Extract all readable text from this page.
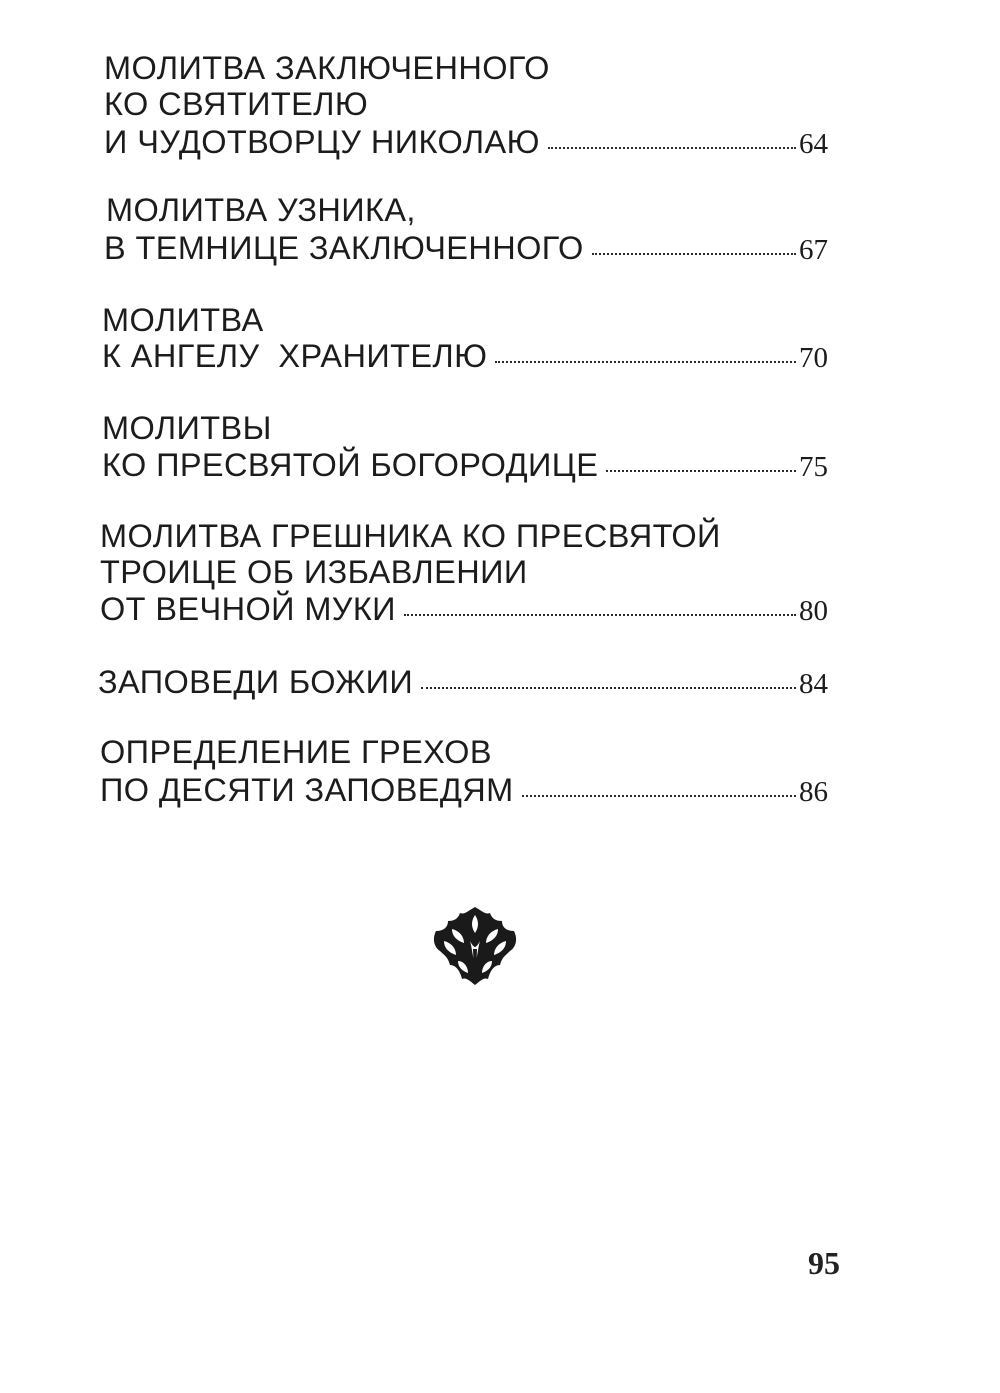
МОЛИТВА ЗАКЛЮЧЕННОГО
КО СВЯТИТЕЛЮ
И ЧУДОТВОРЦУ НИКОЛАЮ	64
МОЛИТВА УЗНИКА,
В ТЕМНИЦЕ ЗАКЛЮЧЕННОГО	67
МОЛИТВА
К АНГЕЛУ  ХРАНИТЕЛЮ	70
МОЛИТВЫ
КО ПРЕСВЯТОЙ БОГОРОДИЦЕ	75
МОЛИТВА ГРЕШНИКА КО ПРЕСВЯТОЙ
ТРОИЦЕ ОБ ИЗБАВЛЕНИИ
ОТ ВЕЧНОЙ МУКИ	80
ЗАПОВЕДИ БОЖИИ	84
ОПРЕДЕЛЕНИЕ ГРЕХОВ
ПО ДЕСЯТИ ЗАПОВЕДЯМ	86
95
